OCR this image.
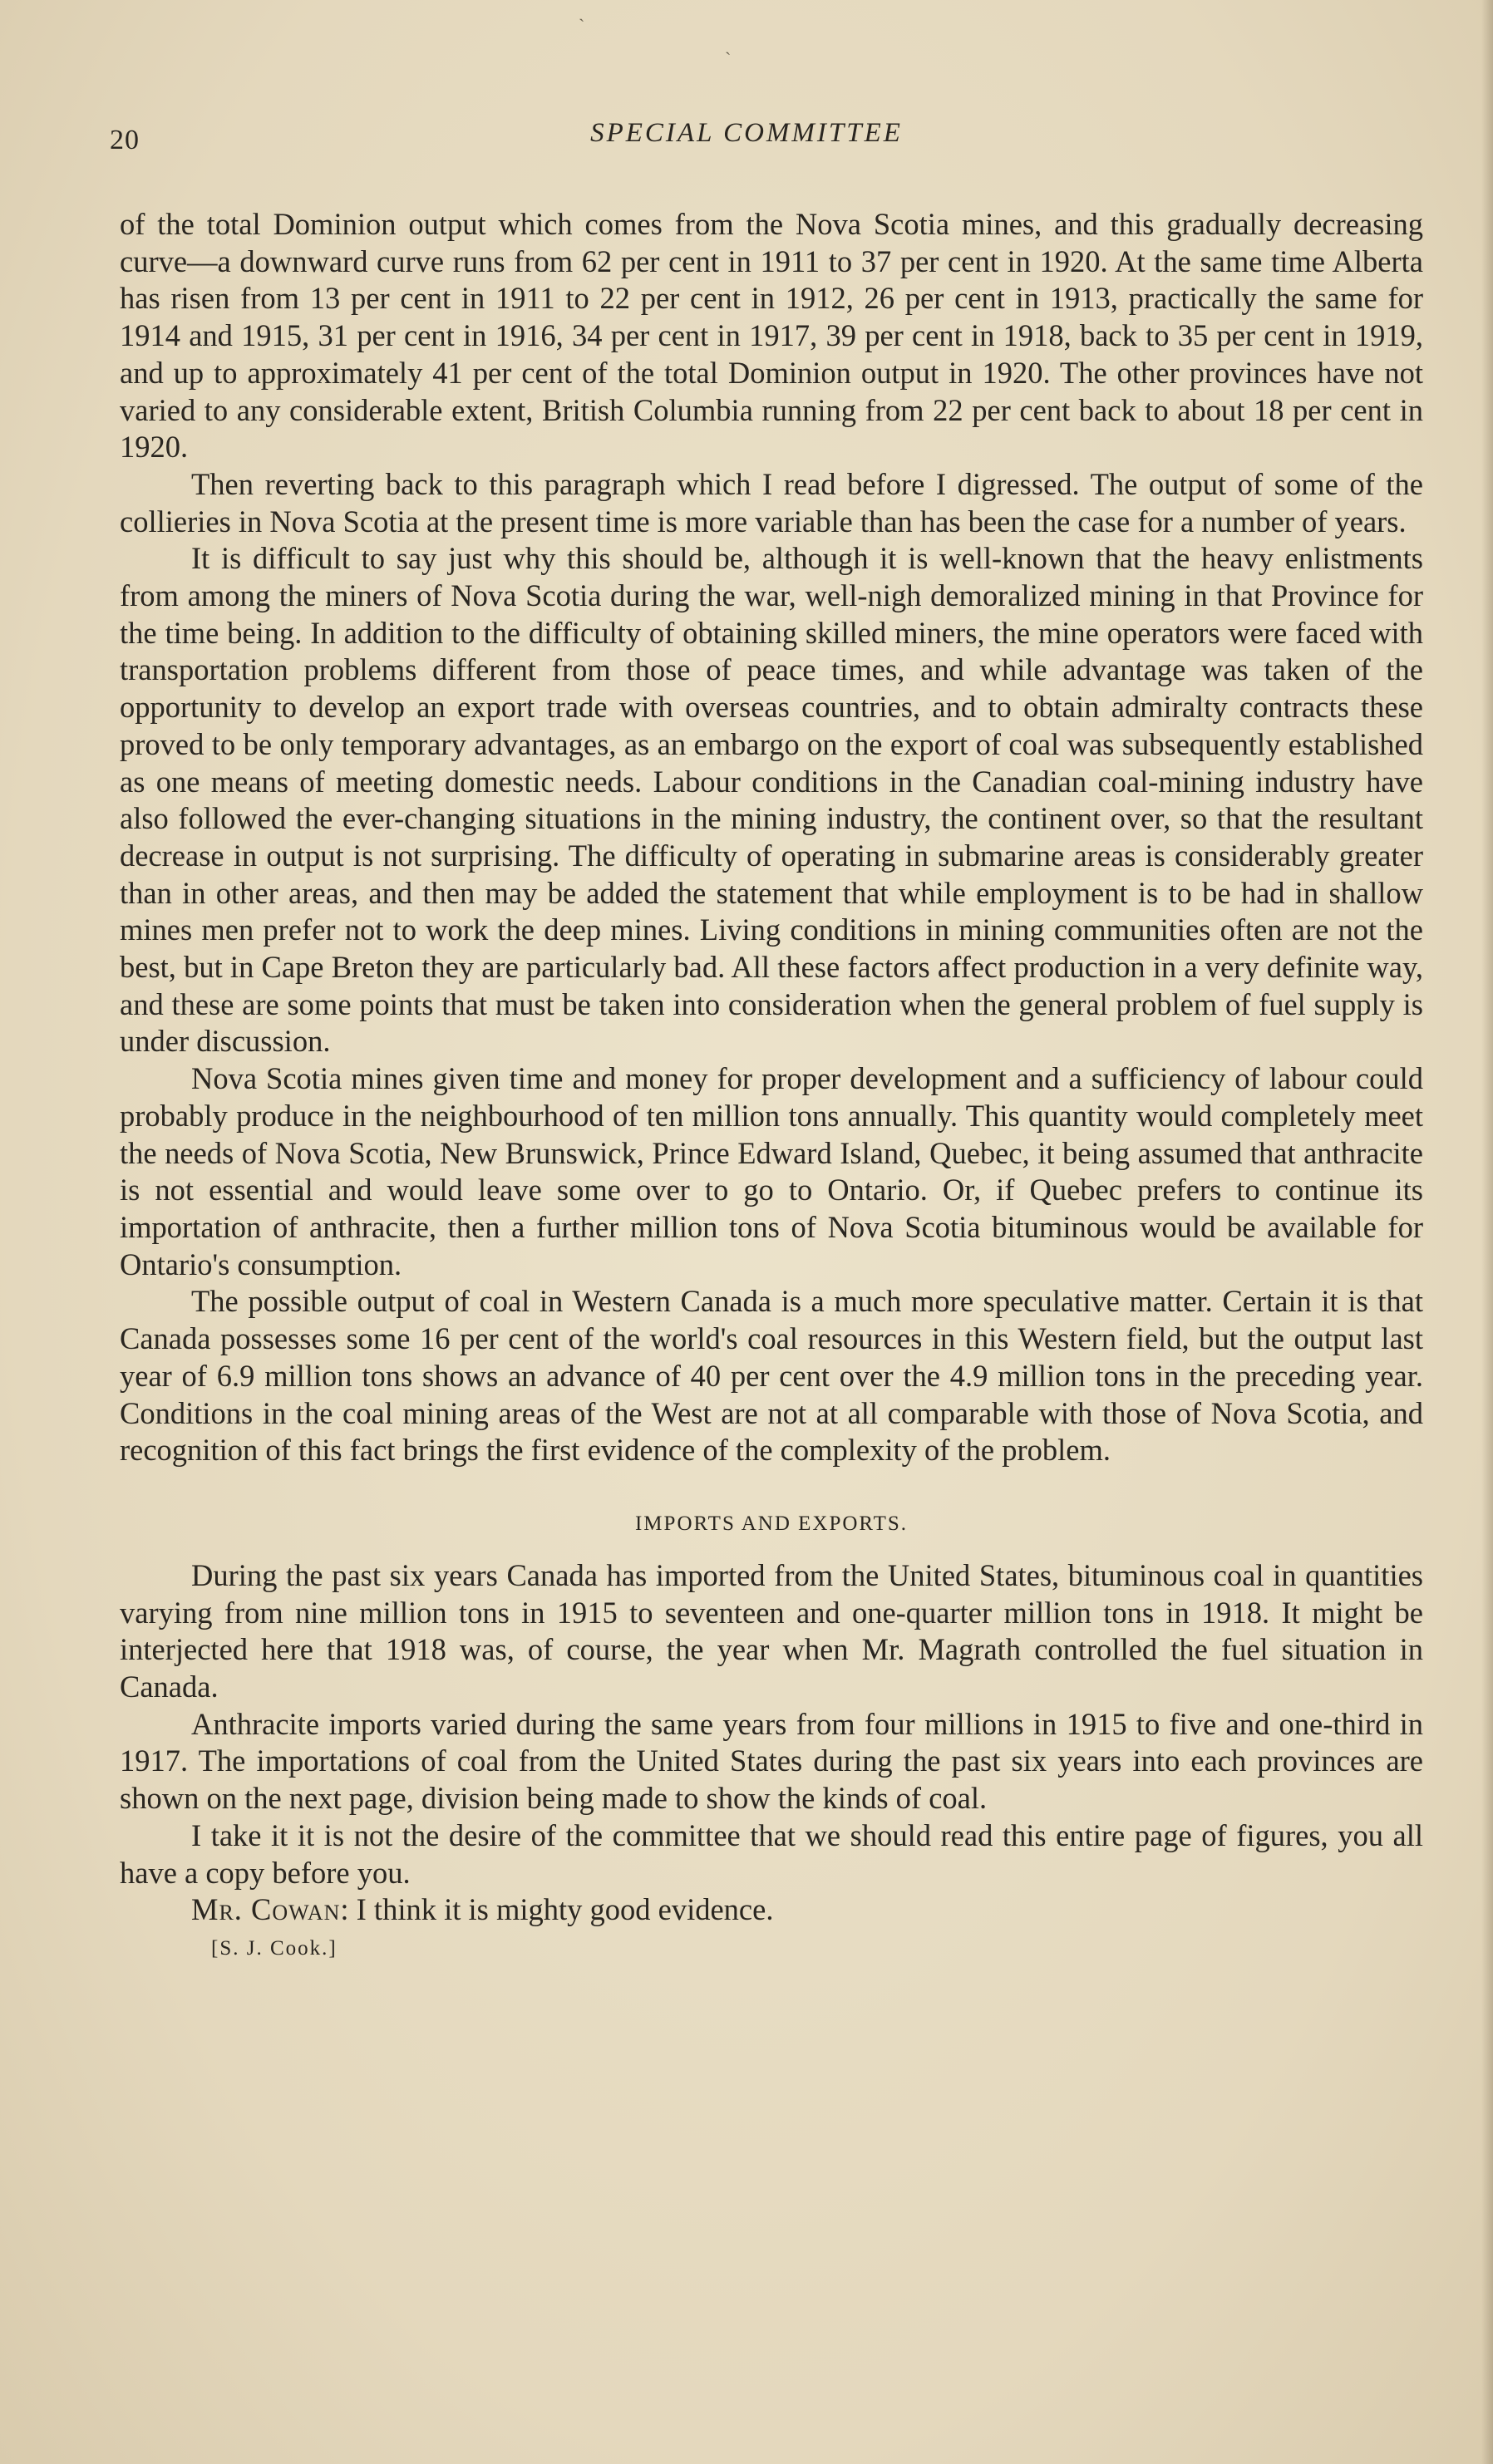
ˋ
ˋ
20	SPECIAL COMMITTEE

of the total Dominion output which comes from the Nova Scotia mines, and this gradually decreasing curve—a downward curve runs from 62 per cent in 1911 to 37 per cent in 1920. At the same time Alberta has risen from 13 per cent in 1911 to 22 per cent in 1912, 26 per cent in 1913, practically the same for 1914 and 1915, 31 per cent in 1916, 34 per cent in 1917, 39 per cent in 1918, back to 35 per cent in 1919, and up to approximately 41 per cent of the total Dominion output in 1920. The other provinces have not varied to any considerable extent, British Columbia running from 22 per cent back to about 18 per cent in 1920.

Then reverting back to this paragraph which I read before I digressed. The output of some of the collieries in Nova Scotia at the present time is more variable than has been the case for a number of years.

It is difficult to say just why this should be, although it is well-known that the heavy enlistments from among the miners of Nova Scotia during the war, well-nigh demoralized mining in that Province for the time being. In addition to the difficulty of obtaining skilled miners, the mine operators were faced with transportation problems different from those of peace times, and while advantage was taken of the opportunity to develop an export trade with overseas countries, and to obtain admiralty contracts these proved to be only temporary advantages, as an embargo on the export of coal was subsequently established as one means of meeting domestic needs. Labour conditions in the Canadian coal-mining industry have also followed the ever-changing situations in the mining industry, the continent over, so that the resultant decrease in output is not surprising. The difficulty of operating in submarine areas is considerably greater than in other areas, and then may be added the statement that while employment is to be had in shallow mines men prefer not to work the deep mines. Living conditions in mining communities often are not the best, but in Cape Breton they are particularly bad. All these factors affect production in a very definite way, and these are some points that must be taken into consideration when the general problem of fuel supply is under discussion.

Nova Scotia mines given time and money for proper development and a sufficiency of labour could probably produce in the neighbourhood of ten million tons annually. This quantity would completely meet the needs of Nova Scotia, New Brunswick, Prince Edward Island, Quebec, it being assumed that anthracite is not essential and would leave some over to go to Ontario. Or, if Quebec prefers to continue its importation of anthracite, then a further million tons of Nova Scotia bituminous would be available for Ontario's consumption.

The possible output of coal in Western Canada is a much more speculative matter. Certain it is that Canada possesses some 16 per cent of the world's coal resources in this Western field, but the output last year of 6.9 million tons shows an advance of 40 per cent over the 4.9 million tons in the preceding year. Conditions in the coal mining areas of the West are not at all comparable with those of Nova Scotia, and recognition of this fact brings the first evidence of the complexity of the problem.

IMPORTS AND EXPORTS.

During the past six years Canada has imported from the United States, bituminous coal in quantities varying from nine million tons in 1915 to seventeen and one-quarter million tons in 1918. It might be interjected here that 1918 was, of course, the year when Mr. Magrath controlled the fuel situation in Canada.

Anthracite imports varied during the same years from four millions in 1915 to five and one-third in 1917. The importations of coal from the United States during the past six years into each provinces are shown on the next page, division being made to show the kinds of coal.

I take it it is not the desire of the committee that we should read this entire page of figures, you all have a copy before you.

Mr. Cowan: I think it is mighty good evidence.

[S. J. Cook.]
